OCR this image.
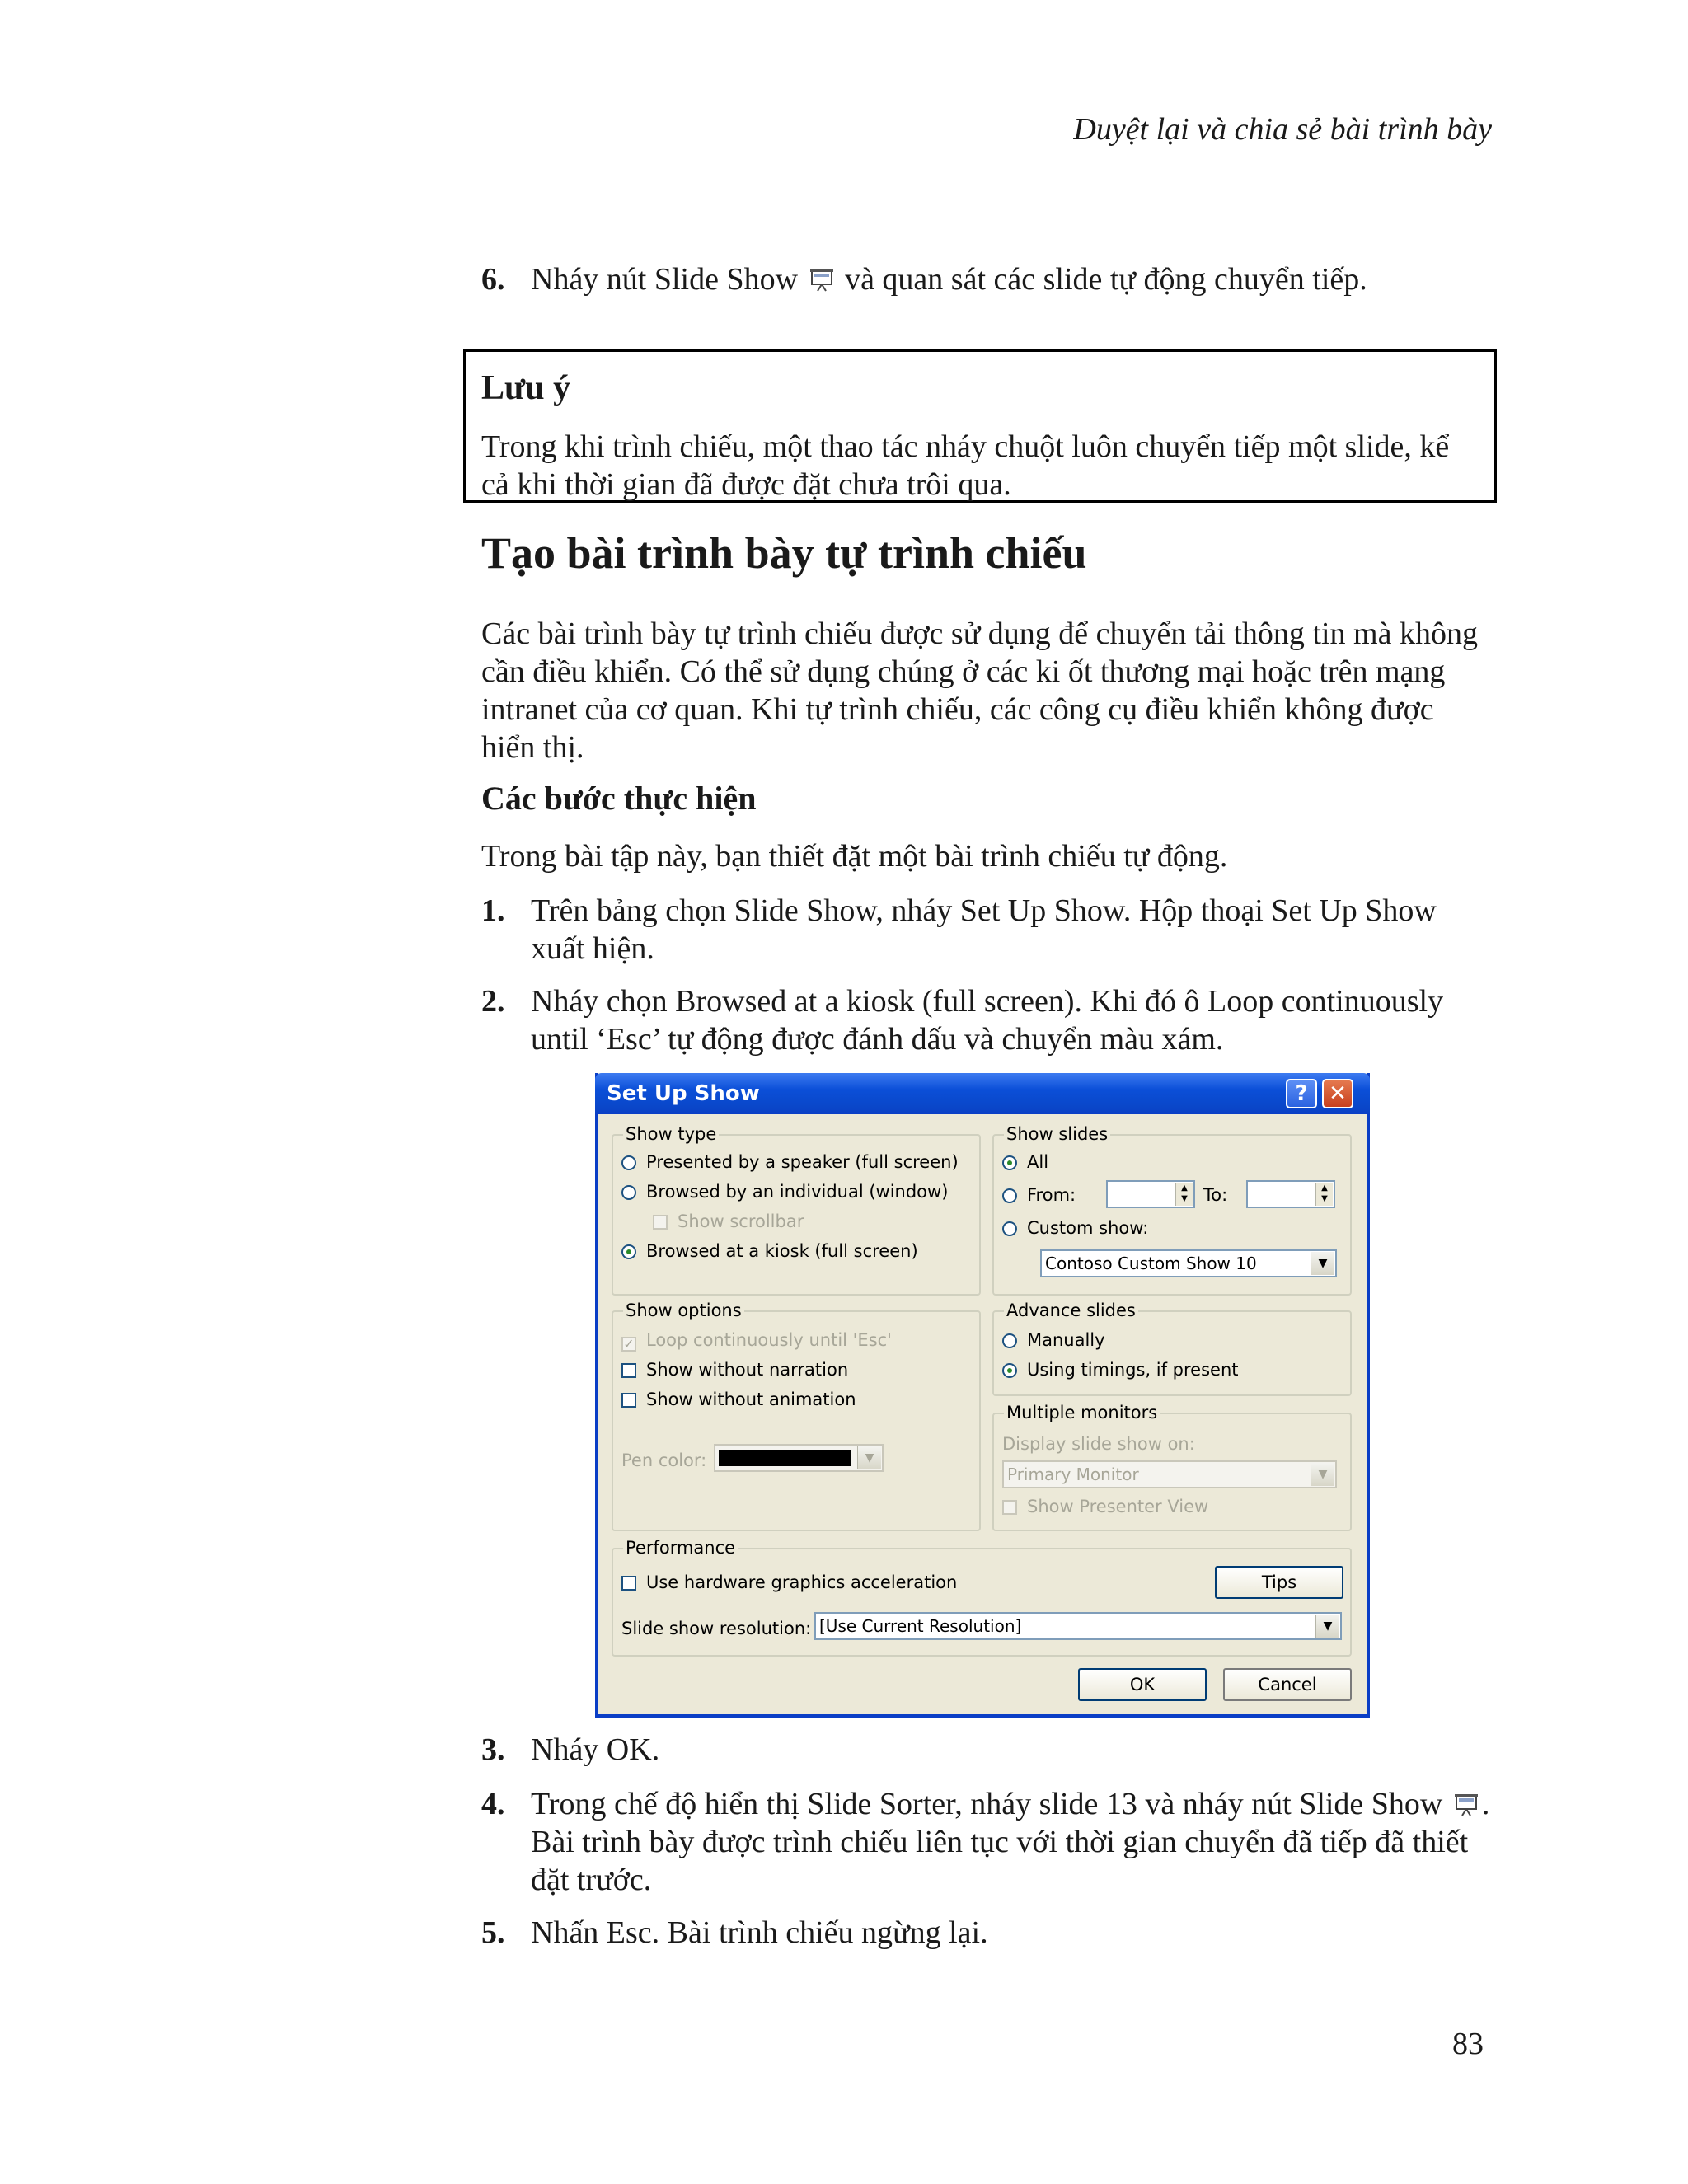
Duyệt lại và chia sẻ bài trình bày
6. Nháy nút Slide Show và quan sát các slide tự động chuyển tiếp.
Lưu ý
Trong khi trình chiếu, một thao tác nháy chuột luôn chuyển tiếp một slide, kể cả khi thời gian đã được đặt chưa trôi qua.
Tạo bài trình bày tự trình chiếu
Các bài trình bày tự trình chiếu được sử dụng để chuyển tải thông tin mà không cần điều khiển. Có thể sử dụng chúng ở các ki ốt thương mại hoặc trên mạng intranet của cơ quan. Khi tự trình chiếu, các công cụ điều khiển không được hiển thị.
Các bước thực hiện
Trong bài tập này, bạn thiết đặt một bài trình chiếu tự động.
1. Trên bảng chọn Slide Show, nháy Set Up Show. Hộp thoại Set Up Show xuất hiện.
2. Nháy chọn Browsed at a kiosk (full screen). Khi đó ô Loop continuously until ‘Esc’ tự động được đánh dấu và chuyển màu xám.
Set Up Show	? ✕
Show type
Presented by a speaker (full screen)
Browsed by an individual (window)
Show scrollbar
Browsed at a kiosk (full screen)
Show slides
All
From:	▲
▼ To:	▲
▼
Custom show:
Contoso Custom Show 10	▼
Show options
✓ Loop continuously until 'Esc'
Show without narration
Show without animation
Pen color:	▼
Advance slides
Manually
Using timings, if present
Multiple monitors
Display slide show on:
Primary Monitor	▼
Show Presenter View
Performance
Use hardware graphics acceleration	Tips
Slide show resolution: [Use Current Resolution]	▼
OK	Cancel
3. Nháy OK.
4. Trong chế độ hiển thị Slide Sorter, nháy slide 13 và nháy nút Slide Show . Bài trình bày được trình chiếu liên tục với thời gian chuyển đã tiếp đã thiết đặt trước.
5. Nhấn Esc. Bài trình chiếu ngừng lại.
83
